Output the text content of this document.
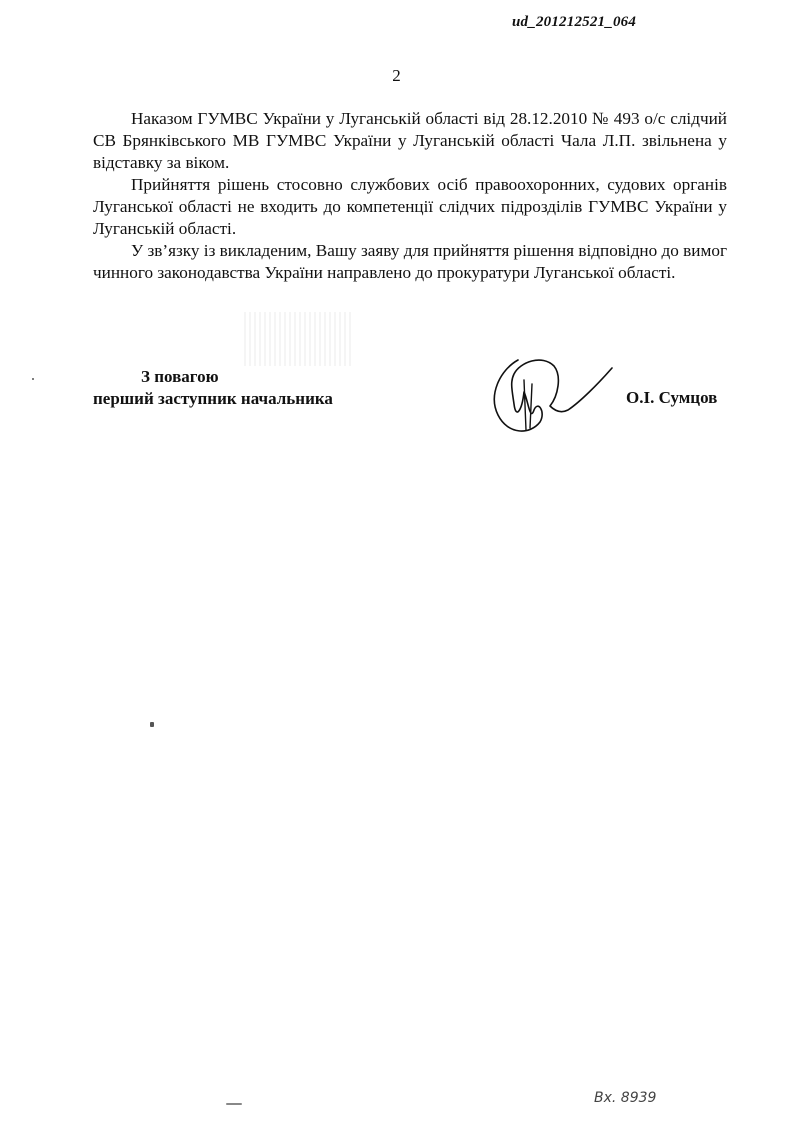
ud_201212521_064
2

Наказом ГУМВС України у Луганській області від 28.12.2010 № 493 о/с слідчий СВ Брянківського МВ ГУМВС України у Луганській області Чала Л.П. звільнена у відставку за віком.

Прийняття рішень стосовно службових осіб правоохоронних, судових органів Луганської області не входить до компетенції слідчих підрозділів ГУМВС України у Луганській області.

У зв’язку із викладеним, Вашу заяву для прийняття рішення відповідно до вимог чинного законодавства України направлено до прокуратури Луганської області.

З повагою
перший заступник начальника	О.І. Сумцов
Вх. 8939
